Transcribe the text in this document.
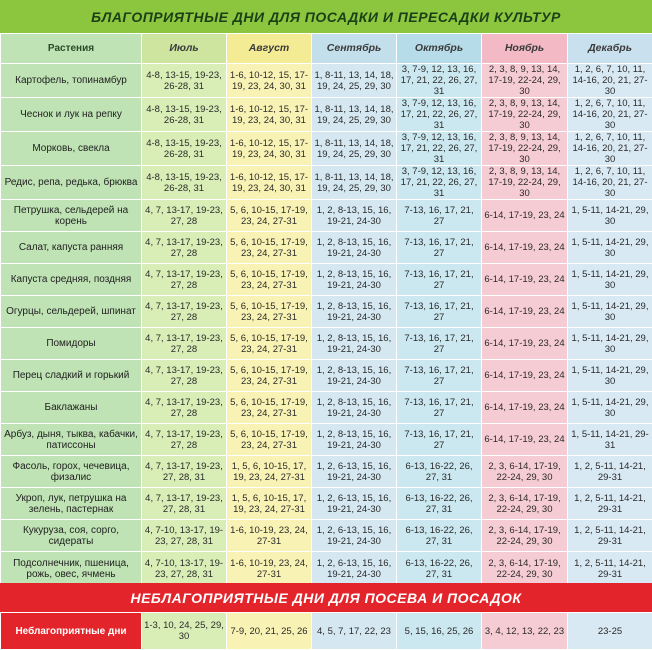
БЛАГОПРИЯТНЫЕ ДНИ ДЛЯ ПОСАДКИ И ПЕРЕСАДКИ КУЛЬТУР
Растения	Июль	Август	Сентябрь	Октябрь	Ноябрь	Декабрь
Картофель, топинамбур	4-8, 13-15, 19-23, 26-28, 31	1-6, 10-12, 15, 17-19, 23, 24, 30, 31	1, 8-11, 13, 14, 18, 19, 24, 25, 29, 30	3, 7-9, 12, 13, 16, 17, 21, 22, 26, 27, 31	2, 3, 8, 9, 13, 14, 17-19, 22-24, 29, 30	1, 2, 6, 7, 10, 11, 14-16, 20, 21, 27-30
Чеснок и лук на репку	4-8, 13-15, 19-23, 26-28, 31	1-6, 10-12, 15, 17-19, 23, 24, 30, 31	1, 8-11, 13, 14, 18, 19, 24, 25, 29, 30	3, 7-9, 12, 13, 16, 17, 21, 22, 26, 27, 31	2, 3, 8, 9, 13, 14, 17-19, 22-24, 29, 30	1, 2, 6, 7, 10, 11, 14-16, 20, 21, 27-30
Морковь, свекла	4-8, 13-15, 19-23, 26-28, 31	1-6, 10-12, 15, 17-19, 23, 24, 30, 31	1, 8-11, 13, 14, 18, 19, 24, 25, 29, 30	3, 7-9, 12, 13, 16, 17, 21, 22, 26, 27, 31	2, 3, 8, 9, 13, 14, 17-19, 22-24, 29, 30	1, 2, 6, 7, 10, 11, 14-16, 20, 21, 27-30
Редис, репа, редька, брюква	4-8, 13-15, 19-23, 26-28, 31	1-6, 10-12, 15, 17-19, 23, 24, 30, 31	1, 8-11, 13, 14, 18, 19, 24, 25, 29, 30	3, 7-9, 12, 13, 16, 17, 21, 22, 26, 27, 31	2, 3, 8, 9, 13, 14, 17-19, 22-24, 29, 30	1, 2, 6, 7, 10, 11, 14-16, 20, 21, 27-30
Петрушка, сельдерей на корень	4, 7, 13-17, 19-23, 27, 28	5, 6, 10-15, 17-19, 23, 24, 27-31	1, 2, 8-13, 15, 16, 19-21, 24-30	7-13, 16, 17, 21, 27	6-14, 17-19, 23, 24	1, 5-11, 14-21, 29, 30
Салат, капуста ранняя	4, 7, 13-17, 19-23, 27, 28	5, 6, 10-15, 17-19, 23, 24, 27-31	1, 2, 8-13, 15, 16, 19-21, 24-30	7-13, 16, 17, 21, 27	6-14, 17-19, 23, 24	1, 5-11, 14-21, 29, 30
Капуста средняя, поздняя	4, 7, 13-17, 19-23, 27, 28	5, 6, 10-15, 17-19, 23, 24, 27-31	1, 2, 8-13, 15, 16, 19-21, 24-30	7-13, 16, 17, 21, 27	6-14, 17-19, 23, 24	1, 5-11, 14-21, 29, 30
Огурцы, сельдерей, шпинат	4, 7, 13-17, 19-23, 27, 28	5, 6, 10-15, 17-19, 23, 24, 27-31	1, 2, 8-13, 15, 16, 19-21, 24-30	7-13, 16, 17, 21, 27	6-14, 17-19, 23, 24	1, 5-11, 14-21, 29, 30
Помидоры	4, 7, 13-17, 19-23, 27, 28	5, 6, 10-15, 17-19, 23, 24, 27-31	1, 2, 8-13, 15, 16, 19-21, 24-30	7-13, 16, 17, 21, 27	6-14, 17-19, 23, 24	1, 5-11, 14-21, 29, 30
Перец сладкий и горький	4, 7, 13-17, 19-23, 27, 28	5, 6, 10-15, 17-19, 23, 24, 27-31	1, 2, 8-13, 15, 16, 19-21, 24-30	7-13, 16, 17, 21, 27	6-14, 17-19, 23, 24	1, 5-11, 14-21, 29, 30
Баклажаны	4, 7, 13-17, 19-23, 27, 28	5, 6, 10-15, 17-19, 23, 24, 27-31	1, 2, 8-13, 15, 16, 19-21, 24-30	7-13, 16, 17, 21, 27	6-14, 17-19, 23, 24	1, 5-11, 14-21, 29, 30
Арбуз, дыня, тыква, кабачки, патиссоны	4, 7, 13-17, 19-23, 27, 28	5, 6, 10-15, 17-19, 23, 24, 27-31	1, 2, 8-13, 15, 16, 19-21, 24-30	7-13, 16, 17, 21, 27	6-14, 17-19, 23, 24	1, 5-11, 14-21, 29-31
Фасоль, горох, чечевица, физалис	4, 7, 13-17, 19-23, 27, 28, 31	1, 5, 6, 10-15, 17, 19, 23, 24, 27-31	1, 2, 6-13, 15, 16, 19-21, 24-30	6-13, 16-22, 26, 27, 31	2, 3, 6-14, 17-19, 22-24, 29, 30	1, 2, 5-11, 14-21, 29-31
Укроп, лук, петрушка на зелень, пастернак	4, 7, 13-17, 19-23, 27, 28, 31	1, 5, 6, 10-15, 17, 19, 23, 24, 27-31	1, 2, 6-13, 15, 16, 19-21, 24-30	6-13, 16-22, 26, 27, 31	2, 3, 6-14, 17-19, 22-24, 29, 30	1, 2, 5-11, 14-21, 29-31
Кукуруза, соя, сорго, сидераты	4, 7-10, 13-17, 19-23, 27, 28, 31	1-6, 10-19, 23, 24, 27-31	1, 2, 6-13, 15, 16, 19-21, 24-30	6-13, 16-22, 26, 27, 31	2, 3, 6-14, 17-19, 22-24, 29, 30	1, 2, 5-11, 14-21, 29-31
Подсолнечник, пшеница, рожь, овес, ячмень	4, 7-10, 13-17, 19-23, 27, 28, 31	1-6, 10-19, 23, 24, 27-31	1, 2, 6-13, 15, 16, 19-21, 24-30	6-13, 16-22, 26, 27, 31	2, 3, 6-14, 17-19, 22-24, 29, 30	1, 2, 5-11, 14-21, 29-31
НЕБЛАГОПРИЯТНЫЕ ДНИ ДЛЯ ПОСЕВА И ПОСАДОК
Неблагоприятные дни	1-3, 10, 24, 25, 29, 30	7-9, 20, 21, 25, 26	4, 5, 7, 17, 22, 23	5, 15, 16, 25, 26	3, 4, 12, 13, 22, 23	23-25
